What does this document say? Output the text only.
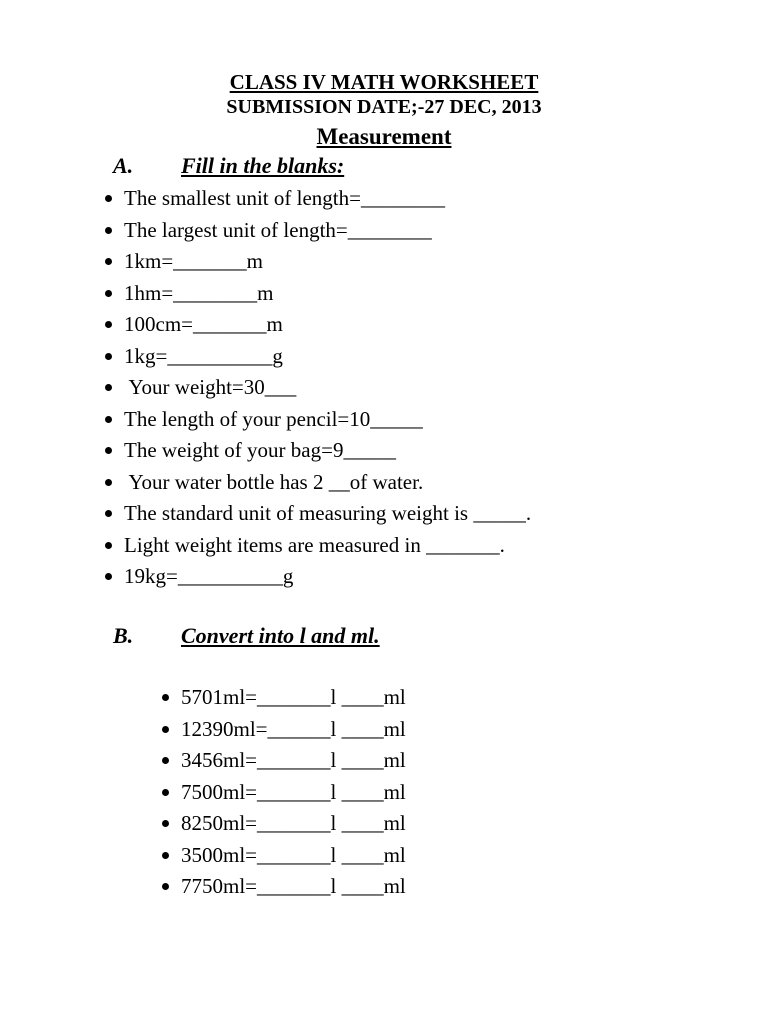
CLASS IV MATH WORKSHEET
SUBMISSION DATE;-27 DEC, 2013
Measurement
A. Fill in the blanks:
The smallest unit of length=________
The largest unit of length=________
1km=_______m
1hm=________m
100cm=_______m
1kg=__________g
Your weight=30___
The length of your pencil=10_____
The weight of your bag=9_____
Your water bottle has 2 __of water.
The standard unit of measuring weight is _____.
Light weight items are measured in _______.
19kg=__________g
B. Convert into l and ml.
5701ml=_______l ____ml
12390ml=______l ____ml
3456ml=_______l ____ml
7500ml=_______l ____ml
8250ml=_______l ____ml
3500ml=_______l ____ml
7750ml=_______l ____ml
